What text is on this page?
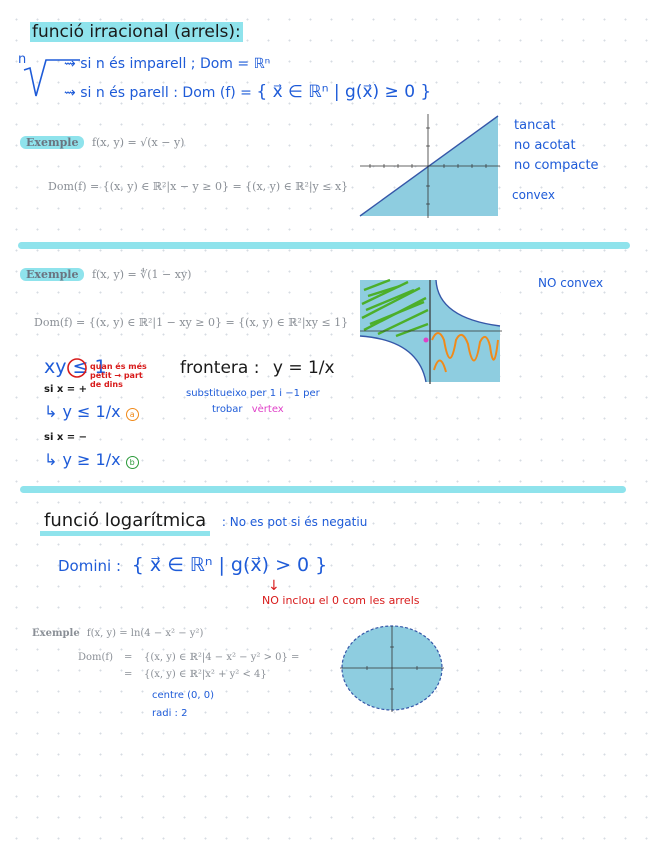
funció irracional (arrels):
n	⇝ si n és imparell ; Dom = ℝⁿ
⇝ si n és parell : Dom (f) = { x⃗ ∈ ℝⁿ | g(x⃗) ≥ 0 }
Exemple f(x, y) = √(x − y)
Dom(f) = {(x, y) ∈ ℝ²|x − y ≥ 0} = {(x, y) ∈ ℝ²|y ≤ x}
tancat
no acotat
no compacte
convex
Exemple f(x, y) = ∜(1 − xy)
Dom(f) = {(x, y) ∈ ℝ²|1 − xy ≥ 0} = {(x, y) ∈ ℝ²|xy ≤ 1}
NO convex
xy ≤ 1
quan és més petit → part de dins
si x = +
↳ y ≤ 1/x a
si x = −
↳ y ≥ 1/x b
frontera : y = 1/x
substitueixo per 1 i −1 per
trobar vèrtex
funció logarítmica : No es pot si és negatiu
Domini : { x⃗ ∈ ℝⁿ | g(x⃗) > 0 }
↓
NO inclou el 0 com les arrels
Exemple f(x, y) = ln(4 − x² − y²)
Dom(f) = {(x, y) ∈ ℝ²|4 − x² − y² > 0} =
= {(x, y) ∈ ℝ²|x² + y² < 4}
centre (0, 0)
radi : 2
